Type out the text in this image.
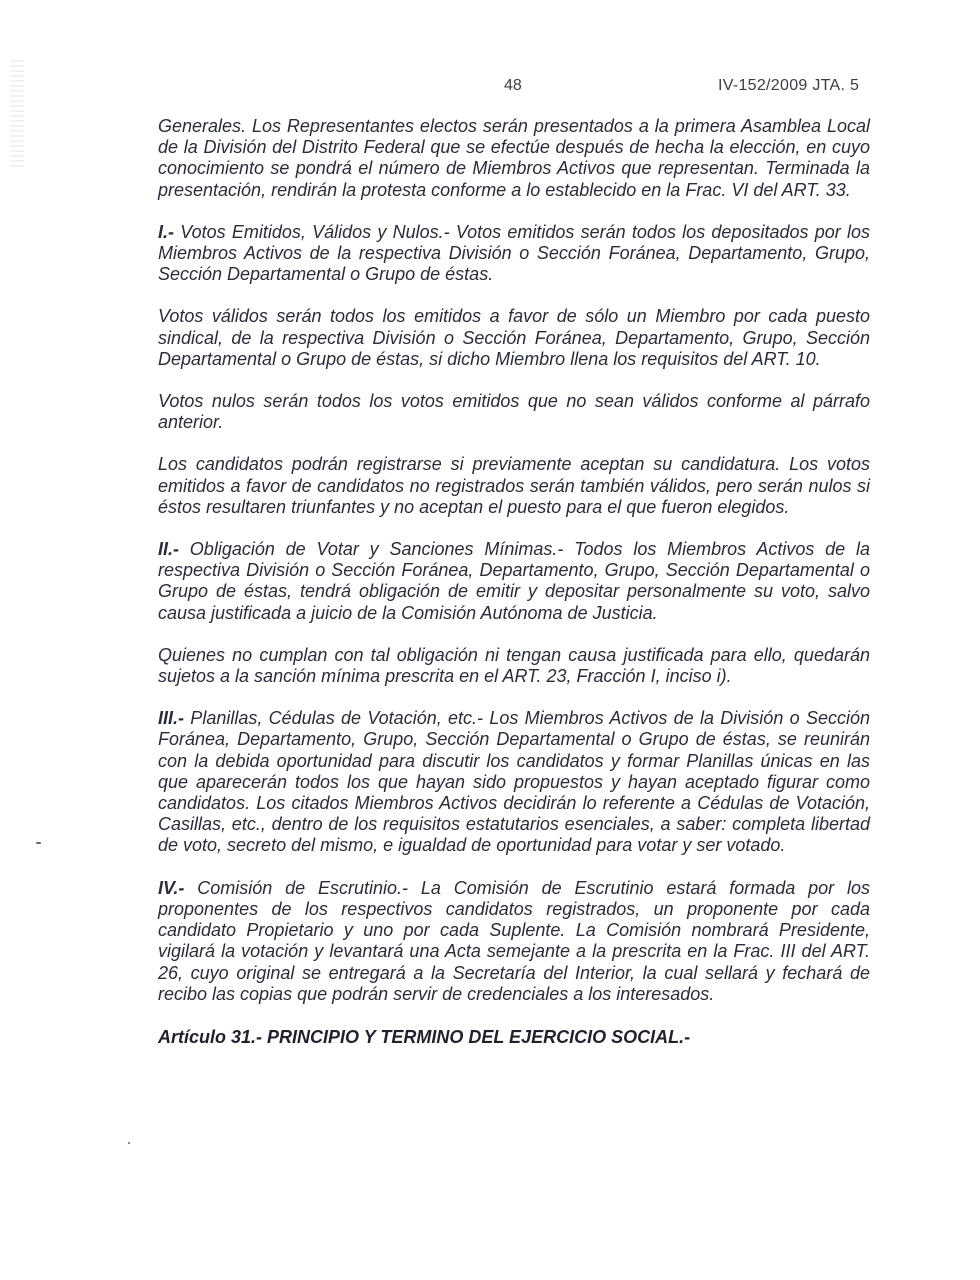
48	IV-152/2009 JTA. 5

Generales. Los Representantes electos serán presentados a la primera Asamblea Local de la División del Distrito Federal que se efectúe después de hecha la elección, en cuyo conocimiento se pondrá el número de Miembros Activos que representan. Terminada la presentación, rendirán la protesta conforme a lo establecido en la Frac. VI del ART. 33.

I.- Votos Emitidos, Válidos y Nulos.- Votos emitidos serán todos los depositados por los Miembros Activos de la respectiva División o Sección Foránea, Departamento, Grupo, Sección Departamental o Grupo de éstas.

Votos válidos serán todos los emitidos a favor de sólo un Miembro por cada puesto sindical, de la respectiva División o Sección Foránea, Departamento, Grupo, Sección Departamental o Grupo de éstas, si dicho Miembro llena los requisitos del ART. 10.

Votos nulos serán todos los votos emitidos que no sean válidos conforme al párrafo anterior.

Los candidatos podrán registrarse si previamente aceptan su candidatura. Los votos emitidos a favor de candidatos no registrados serán también válidos, pero serán nulos si éstos resultaren triunfantes y no aceptan el puesto para el que fueron elegidos.

II.- Obligación de Votar y Sanciones Mínimas.- Todos los Miembros Activos de la respectiva División o Sección Foránea, Departamento, Grupo, Sección Departamental o Grupo de éstas, tendrá obligación de emitir y depositar personalmente su voto, salvo causa justificada a juicio de la Comisión Autónoma de Justicia.

Quienes no cumplan con tal obligación ni tengan causa justificada para ello, quedarán sujetos a la sanción mínima prescrita en el ART. 23, Fracción I, inciso i).

III.- Planillas, Cédulas de Votación, etc.- Los Miembros Activos de la División o Sección Foránea, Departamento, Grupo, Sección Departamental o Grupo de éstas, se reunirán con la debida oportunidad para discutir los candidatos y formar Planillas únicas en las que aparecerán todos los que hayan sido propuestos y hayan aceptado figurar como candidatos. Los citados Miembros Activos decidirán lo referente a Cédulas de Votación, Casillas, etc., dentro de los requisitos estatutarios esenciales, a saber: completa libertad de voto, secreto del mismo, e igualdad de oportunidad para votar y ser votado.

IV.- Comisión de Escrutinio.- La Comisión de Escrutinio estará formada por los proponentes de los respectivos candidatos registrados, un proponente por cada candidato Propietario y uno por cada Suplente. La Comisión nombrará Presidente, vigilará la votación y levantará una Acta semejante a la prescrita en la Frac. III del ART. 26, cuyo original se entregará a la Secretaría del Interior, la cual sellará y fechará de recibo las copias que podrán servir de credenciales a los interesados.

Artículo 31.- PRINCIPIO Y TERMINO DEL EJERCICIO SOCIAL.-
